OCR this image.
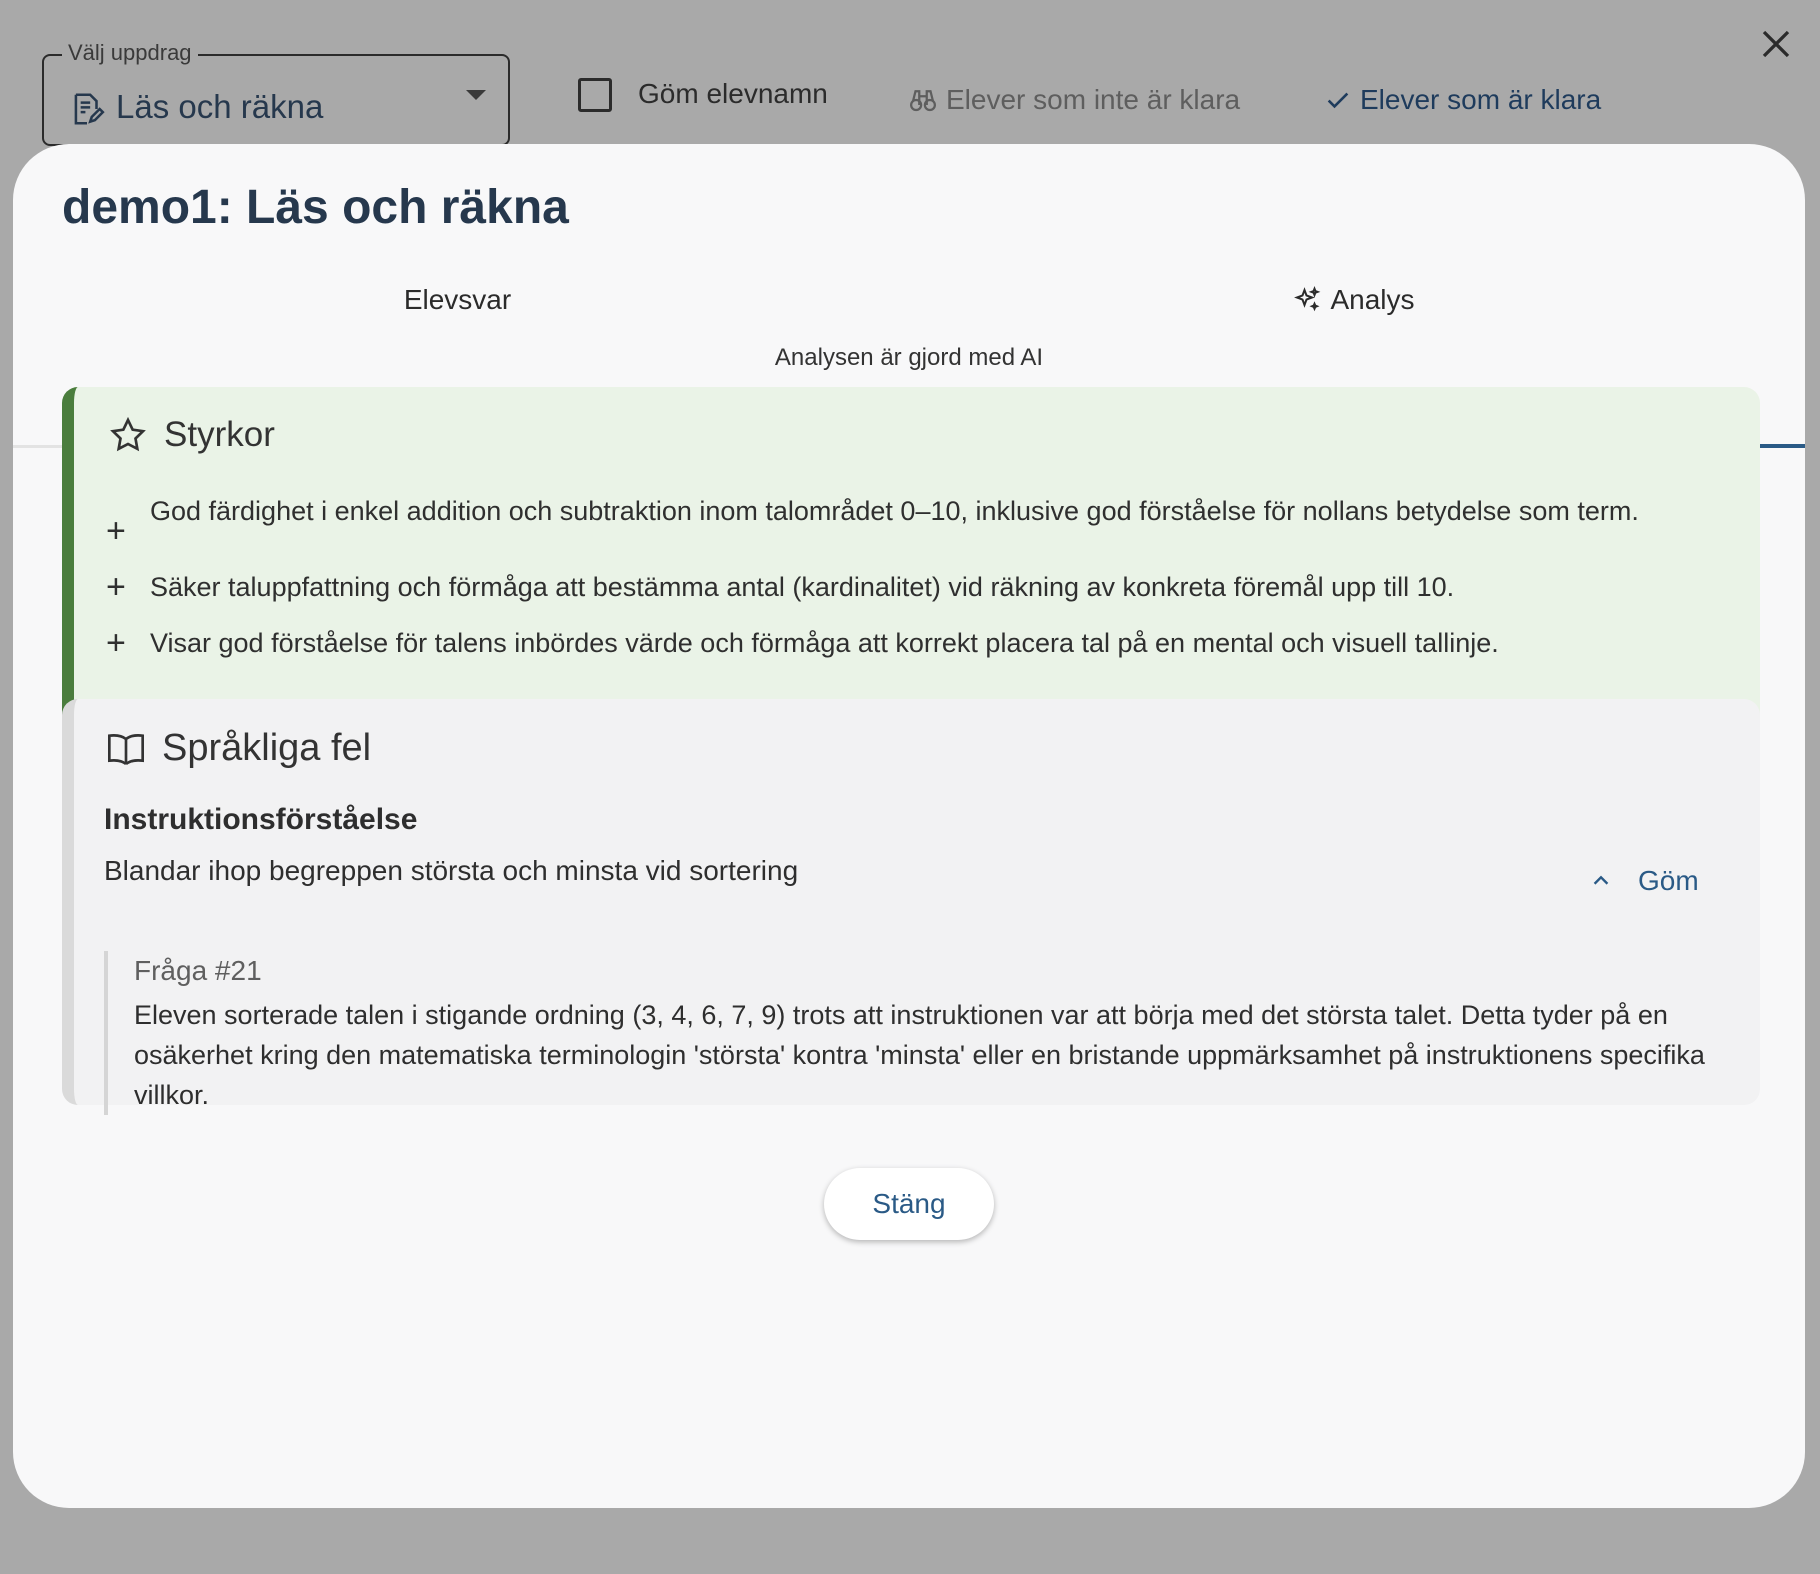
Välj uppdrag
Läs och räkna	Göm elevnamn	Elever som inte är klara	Elever som är klara
demo1: Läs och räkna
Elevsvar	Analys

Analysen är gjord med AI

Styrkor
+
God färdighet i enkel addition och subtraktion inom talområdet 0–10, inklusive god förståelse för nollans betydelse som term.
+ Säker taluppfattning och förmåga att bestämma antal (kardinalitet) vid räkning av konkreta föremål upp till 10.
+ Visar god förståelse för talens inbördes värde och förmåga att korrekt placera tal på en mental och visuell tallinje.
Språkliga fel
Instruktionsförståelse
Blandar ihop begreppen största och minsta vid sortering	Göm
Fråga #21
Eleven sorterade talen i stigande ordning (3, 4, 6, 7, 9) trots att instruktionen var att börja med det största talet. Detta tyder på en osäkerhet kring den matematiska terminologin 'största' kontra 'minsta' eller en bristande uppmärksamhet på instruktionens specifika villkor.
Stäng
